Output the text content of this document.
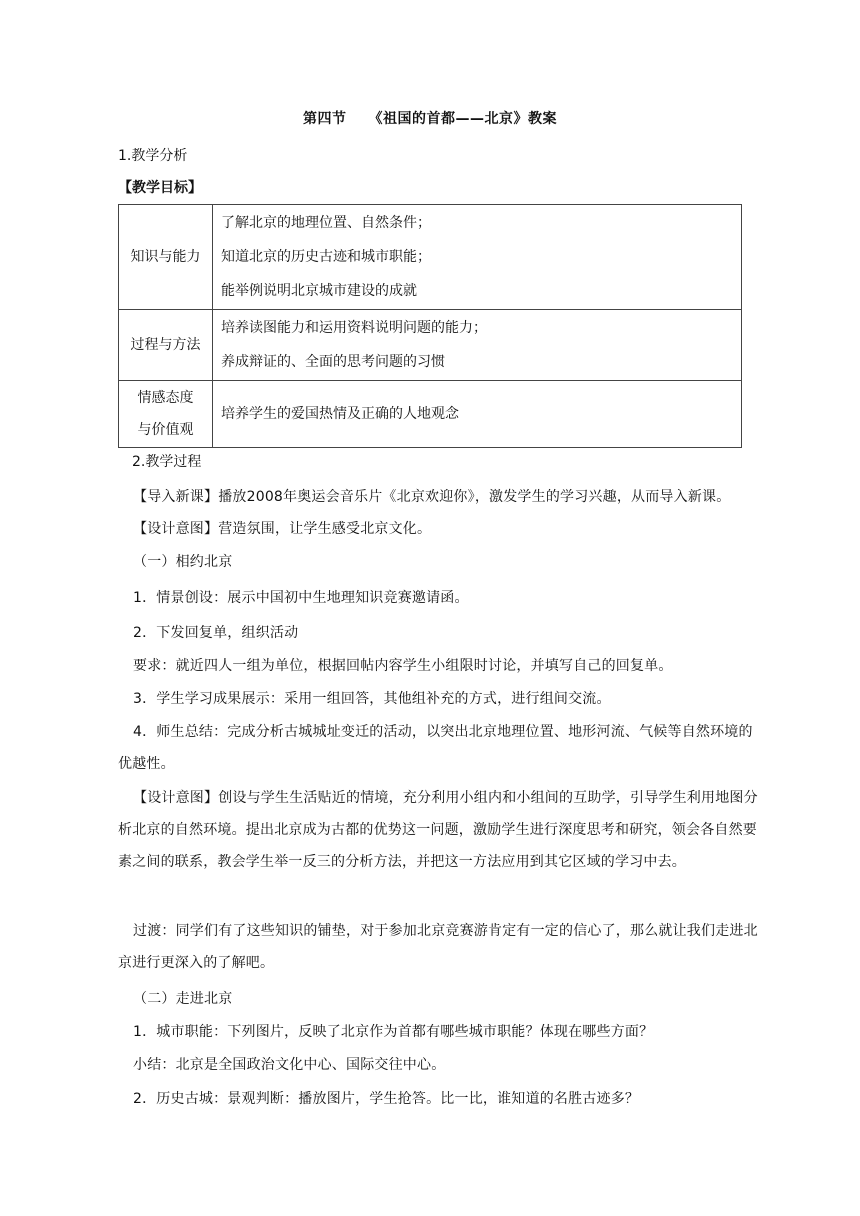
第四节 《祖国的首都——北京》教案
1.教学分析
【教学目标】
知识与能力	了解北京的地理位置、自然条件；
知道北京的历史古迹和城市职能；
能举例说明北京城市建设的成就

过程与方法	培养读图能力和运用资料说明问题的能力；
养成辩证的、全面的思考问题的习惯

情感态度
与价值观	培养学生的爱国热情及正确的人地观念
2.教学过程
【导入新课】播放2008年奥运会音乐片《北京欢迎你》，激发学生的学习兴趣，从而导入新课。
【设计意图】营造氛围，让学生感受北京文化。
（一）相约北京
1．情景创设：展示中国初中生地理知识竞赛邀请函。
2．下发回复单，组织活动
要求：就近四人一组为单位，根据回帖内容学生小组限时讨论，并填写自己的回复单。
3．学生学习成果展示：采用一组回答，其他组补充的方式，进行组间交流。
4．师生总结：完成分析古城城址变迁的活动，以突出北京地理位置、地形河流、气候等自然环境的优越性。
【设计意图】创设与学生生活贴近的情境，充分利用小组内和小组间的互助学，引导学生利用地图分析北京的自然环境。提出北京成为古都的优势这一问题，激励学生进行深度思考和研究，领会各自然要素之间的联系，教会学生举一反三的分析方法，并把这一方法应用到其它区域的学习中去。
过渡：同学们有了这些知识的铺垫，对于参加北京竞赛游肯定有一定的信心了，那么就让我们走进北京进行更深入的了解吧。
（二）走进北京
1．城市职能：下列图片，反映了北京作为首都有哪些城市职能？体现在哪些方面？
小结：北京是全国政治文化中心、国际交往中心。
2．历史古城：景观判断：播放图片，学生抢答。比一比，谁知道的名胜古迹多？
